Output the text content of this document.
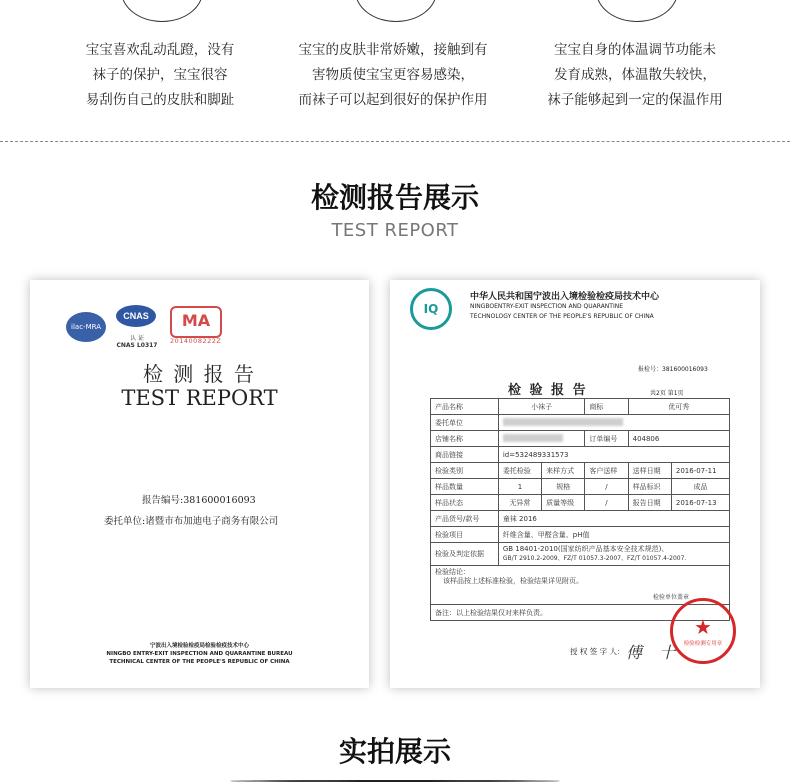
宝宝喜欢乱动乱蹬，没有

袜子的保护，宝宝很容

易刮伤自己的皮肤和脚趾

宝宝的皮肤非常娇嫩，接触到有

害物质使宝宝更容易感染，

而袜子可以起到很好的保护作用

宝宝自身的体温调节功能未

发育成熟，体温散失较快，

袜子能够起到一定的保温作用

检测报告展示
TEST REPORT
ilac-MRA
CNAS
认 证
CNAS L0317
MA
2014008222Z
检 测 报 告
TEST REPORT
报告编号:381600016093
委托单位:诸暨市布加迪电子商务有限公司
宁波出入境检验检疫局检验检疫技术中心
NINGBO ENTRY-EXIT INSPECTION AND QUARANTINE BUREAU
TECHNICAL CENTER OF THE PEOPLE'S REPUBLIC OF CHINA
IQ
中华人民共和国宁波出入境检验检疫局技术中心
NINGBOENTRY-EXIT INSPECTION AND QUARANTINE
TECHNOLOGY CENTER OF THE PEOPLE'S REPUBLIC OF CHINA
报检号：381600016093
检 验 报 告	共2页 第1页
产品名称	小袜子		商标	优可秀	
委托单位					
店铺名称			订单编号	404806	
商品链接	id=532489331573				
检验类别	委托检验	来样方式	客户送样	送样日期	2016-07-11
样品数量	1	规格	/	样品标识	成品
样品状态	无异常	质量等级	/	报告日期	2016-07-13
产品货号/款号	童袜 2016				
检验项目	纤维含量、甲醛含量、pH值				
检验及判定依据	GB 18401-2010(国家纺织产品基本安全技术规范)、
GB/T 2910.2-2009、FZ/T 01057.3-2007、FZ/T 01057.4-2007.				

检验结论：
该样品按上述标准检验，检验结果详见附页。
检验单位盖章					

备注：以上检验结果仅对来样负责。					
授 权 签 字 人： 傅 十
★
检验检测专用章
实拍展示
